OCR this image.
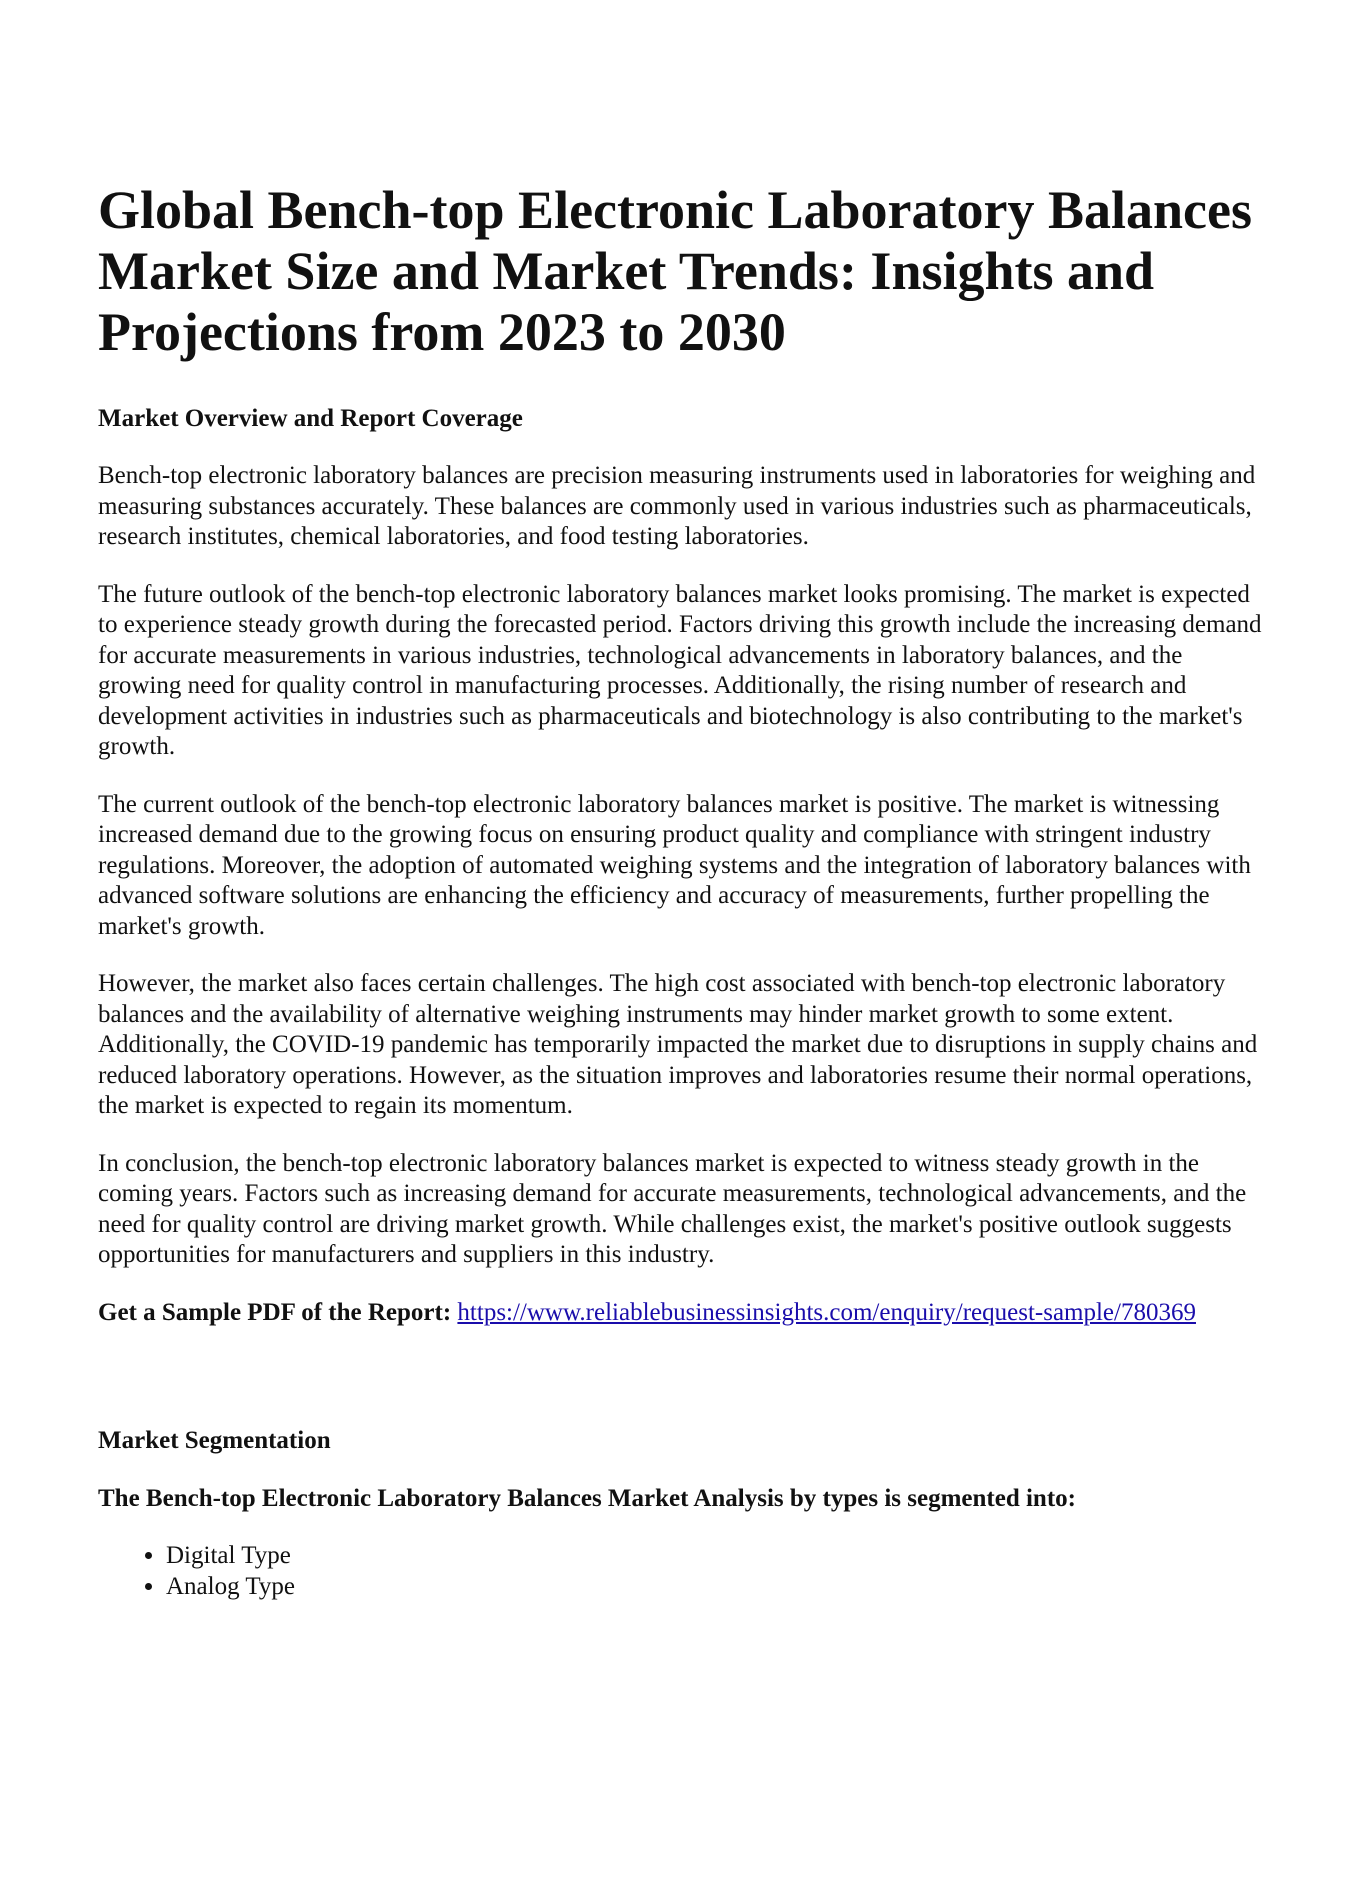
Global Bench-top Electronic Laboratory Balances Market Size and Market Trends: Insights and Projections from 2023 to 2030
Market Overview and Report Coverage

Bench-top electronic laboratory balances are precision measuring instruments used in laboratories for weighing and measuring substances accurately. These balances are commonly used in various industries such as pharmaceuticals, research institutes, chemical laboratories, and food testing laboratories.

The future outlook of the bench-top electronic laboratory balances market looks promising. The market is expected to experience steady growth during the forecasted period. Factors driving this growth include the increasing demand for accurate measurements in various industries, technological advancements in laboratory balances, and the growing need for quality control in manufacturing processes. Additionally, the rising number of research and development activities in industries such as pharmaceuticals and biotechnology is also contributing to the market's growth.

The current outlook of the bench-top electronic laboratory balances market is positive. The market is witnessing increased demand due to the growing focus on ensuring product quality and compliance with stringent industry regulations. Moreover, the adoption of automated weighing systems and the integration of laboratory balances with advanced software solutions are enhancing the efficiency and accuracy of measurements, further propelling the market's growth.

However, the market also faces certain challenges. The high cost associated with bench-top electronic laboratory balances and the availability of alternative weighing instruments may hinder market growth to some extent. Additionally, the COVID-19 pandemic has temporarily impacted the market due to disruptions in supply chains and reduced laboratory operations. However, as the situation improves and laboratories resume their normal operations, the market is expected to regain its momentum.

In conclusion, the bench-top electronic laboratory balances market is expected to witness steady growth in the coming years. Factors such as increasing demand for accurate measurements, technological advancements, and the need for quality control are driving market growth. While challenges exist, the market's positive outlook suggests opportunities for manufacturers and suppliers in this industry.

Get a Sample PDF of the Report: https://www.reliablebusinessinsights.com/enquiry/request-sample/780369

Market Segmentation
The Bench-top Electronic Laboratory Balances Market Analysis by types is segmented into:
• Digital Type
• Analog Type
